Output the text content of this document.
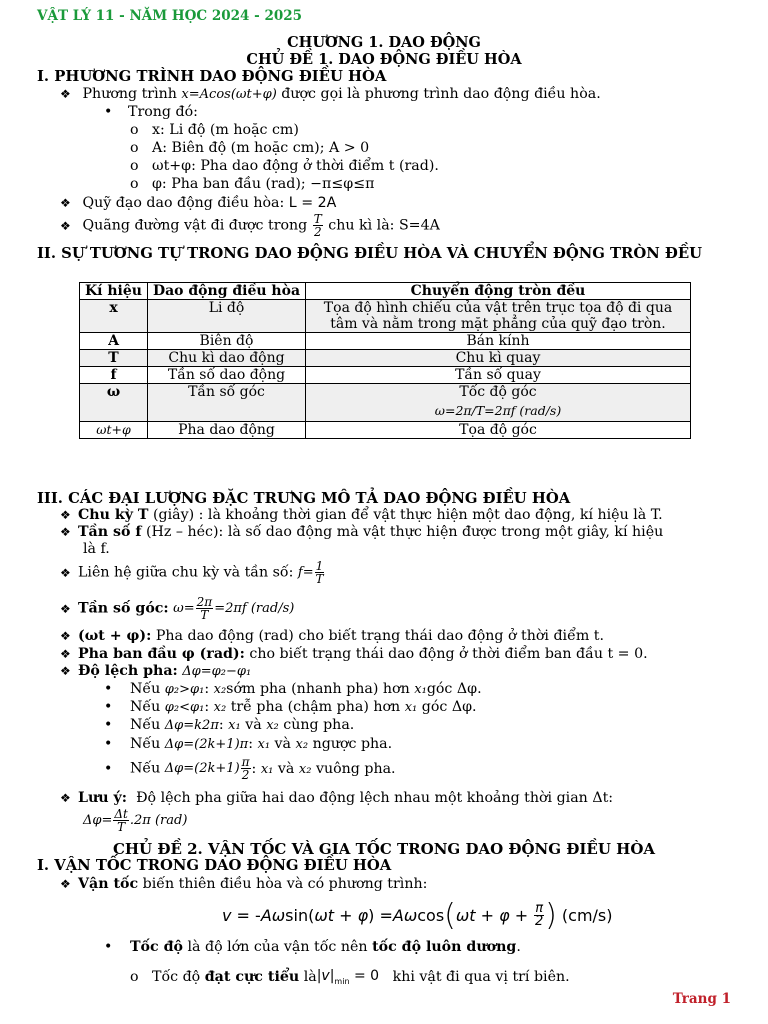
VẬT LÝ 11 - NĂM HỌC 2024 - 2025
CHƯƠNG 1. DAO ĐỘNG
CHỦ ĐỀ 1. DAO ĐỘNG ĐIỀU HÒA
I. PHƯƠNG TRÌNH DAO ĐỘNG ĐIỀU HÒA
❖ Phương trình x=Acos(ωt+φ) được gọi là phương trình dao động điều hòa.
• Trong đó:
o x: Li độ (m hoặc cm)
o A: Biên độ (m hoặc cm); A > 0
o ωt+φ: Pha dao động ở thời điểm t (rad).
o φ: Pha ban đầu (rad); −π≤φ≤π
❖ Quỹ đạo dao động điều hòa: L = 2A
❖ Quãng đường vật đi được trong $\frac{T}{2}$ chu kì là: S=4A
II. SỰ TƯƠNG TỰ TRONG DAO ĐỘNG ĐIỀU HÒA VÀ CHUYỂN ĐỘNG TRÒN ĐỀU
Kí hiệu	Dao động điều hòa	Chuyển động tròn đều
x	Li độ	Tọa độ hình chiếu của vật trên trục tọa độ đi qua tâm và nằm trong mặt phẳng của quỹ đạo tròn.
A	Biên độ	Bán kính
T	Chu kì dao động	Chu kì quay
f	Tần số dao động	Tần số quay
ω	Tần số góc	Tốc độ góc
ω=2π/T=2πf (rad/s)

ωt+φ	Pha dao động	Tọa độ góc
III. CÁC ĐẠI LƯỢNG ĐẶC TRƯNG MÔ TẢ DAO ĐỘNG ĐIỀU HÒA
❖ Chu kỳ T (giây) : là khoảng thời gian để vật thực hiện một dao động, kí hiệu là T.
❖ Tần số f (Hz – héc): là số dao động mà vật thực hiện được trong một giây, kí hiệu
là f.
❖ Liên hệ giữa chu kỳ và tần số: $f= \frac{1}{T}$
❖ Tần số góc: $\omega= \frac{2\pi}{T} =2\pi f$ (rad/s)
❖ (ωt + φ): Pha dao động (rad) cho biết trạng thái dao động ở thời điểm t.
❖ Pha ban đầu φ (rad): cho biết trạng thái dao động ở thời điểm ban đầu t = 0.
❖ Độ lệch pha: Δφ=φ₂−φ₁
• Nếu φ₂>φ₁: x₂sớm pha (nhanh pha) hơn x₁góc Δφ.
• Nếu φ₂<φ₁: x₂ trễ pha (chậm pha) hơn x₁ góc Δφ.
• Nếu Δφ=k2π: x₁ và x₂ cùng pha.
• Nếu Δφ=(2k+1)π: x₁ và x₂ ngược pha.
• Nếu $\Delta\varphi=(2k+1) \frac{\pi}{2}$ : x₁ và x₂ vuông pha.
❖ Lưu ý: Độ lệch pha giữa hai dao động lệch nhau một khoảng thời gian Δt:
$\Delta\varphi= \frac{\Delta t}{T} .2\pi$ (rad)
CHỦ ĐỀ 2. VẬN TỐC VÀ GIA TỐC TRONG DAO ĐỘNG ĐIỀU HÒA
I. VẬN TỐC TRONG DAO ĐỘNG ĐIỀU HÒA
❖ Vận tốc biến thiên điều hòa và có phương trình:
$v = -A\omega\sin(\omega t + \varphi) =A\omega\cos(\omega t + \varphi + \frac{\pi}{2}$ ) (cm/s)
• Tốc độ là độ lớn của vận tốc nên tốc độ luôn dương.
o Tốc độ đạt cực tiểu $là|v|_{min} = 0$ khi vật đi qua vị trí biên.
Trang 1
